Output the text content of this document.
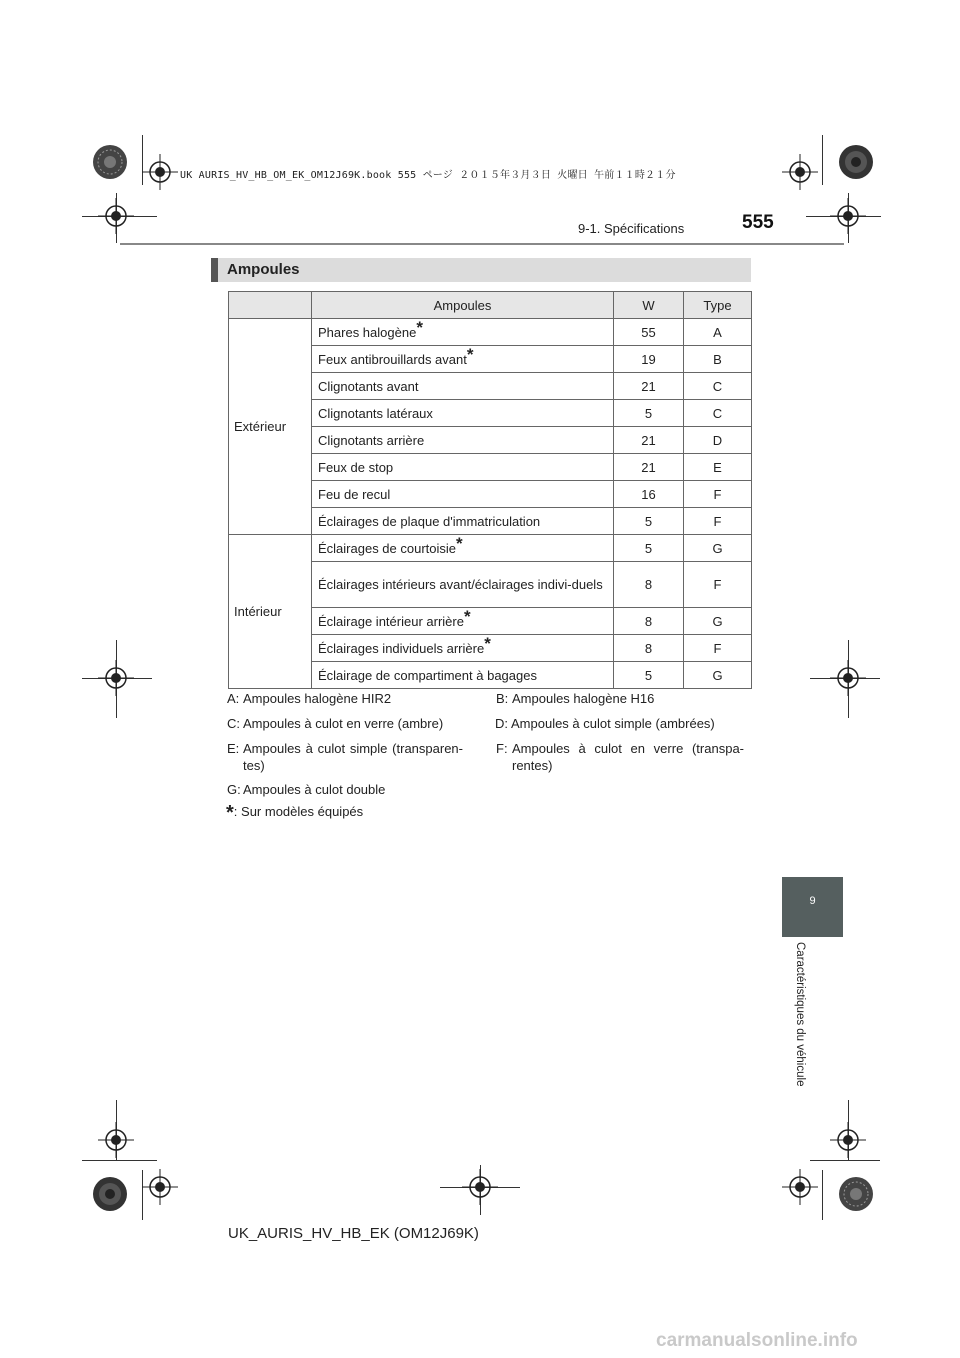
UK AURIS_HV_HB_OM_EK_OM12J69K.book 555 ページ ２０１５年３月３日 火曜日 午前１１時２１分
9-1. Spécifications	555
Ampoules
	Ampoules	W	Type
Extérieur	Phares halogène*	55	A
	Feux antibrouillards avant*	19	B
	Clignotants avant	21	C
	Clignotants latéraux	5	C
	Clignotants arrière	21	D
	Feux de stop	21	E
	Feu de recul	16	F
	Éclairages de plaque d'immatriculation	5	F
Intérieur	Éclairages de courtoisie*	5	G
	Éclairages intérieurs avant/éclairages indivi-duels	8	F
	Éclairage intérieur arrière*	8	G
	Éclairages individuels arrière*	8	F
	Éclairage de compartiment à bagages	5	G
A: Ampoules halogène HIR2	B: Ampoules halogène H16
C: Ampoules à culot en verre (ambre)	D: Ampoules à culot simple (ambrées)
E: Ampoules à culot simple (transparen-tes)
F: Ampoules à culot en verre (transpa-rentes)
G: Ampoules à culot double
*: Sur modèles équipés
9
Caractéristiques du véhicule
UK_AURIS_HV_HB_EK (OM12J69K)
carmanualsonline.info
